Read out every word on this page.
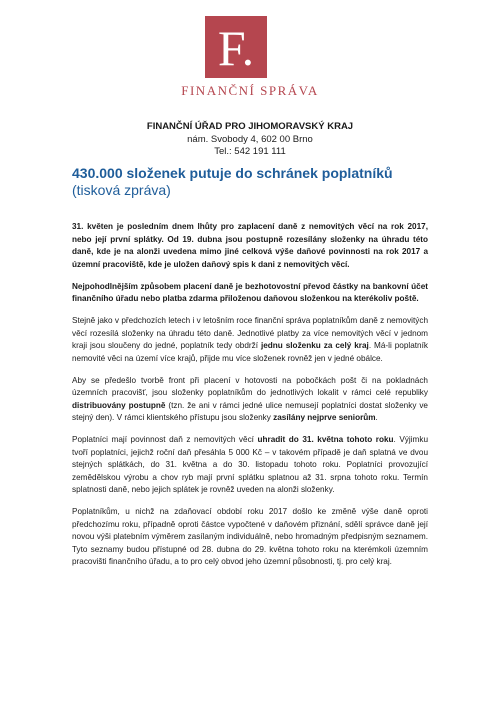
F.
FINANČNÍ SPRÁVA
FINANČNÍ ÚŘAD PRO JIHOMORAVSKÝ KRAJ
nám. Svobody 4, 602 00 Brno
Tel.: 542 191 111
430.000 složenek putuje do schránek poplatníků
(tisková zpráva)

31. květen je posledním dnem lhůty pro zaplacení daně z nemovitých věcí na rok 2017, nebo její první splátky. Od 19. dubna jsou postupně rozesílány složenky na úhradu této daně, kde je na alonži uvedena mimo jiné celková výše daňové povinnosti na rok 2017 a územní pracoviště, kde je uložen daňový spis k dani z nemovitých věcí.

Nejpohodlnějším způsobem placení daně je bezhotovostní převod částky na bankovní účet finančního úřadu nebo platba zdarma přiloženou daňovou složenkou na kterékoliv poště.

Stejně jako v předchozích letech i v letošním roce finanční správa poplatníkům daně z nemovitých věcí rozesílá složenky na úhradu této daně. Jednotlivé platby za více nemovitých věcí v jednom kraji jsou sloučeny do jedné, poplatník tedy obdrží jednu složenku za celý kraj. Má-li poplatník nemovité věci na území více krajů, přijde mu více složenek rovněž jen v jedné obálce.

Aby se předešlo tvorbě front při placení v hotovosti na pobočkách pošt či na pokladnách územních pracovišť, jsou složenky poplatníkům do jednotlivých lokalit v rámci celé republiky distribuovány postupně (tzn. že ani v rámci jedné ulice nemusejí poplatníci dostat složenky ve stejný den). V rámci klientského přístupu jsou složenky zasílány nejprve seniorům.

Poplatníci mají povinnost daň z nemovitých věcí uhradit do 31. května tohoto roku. Výjimku tvoří poplatníci, jejichž roční daň přesáhla 5 000 Kč – v takovém případě je daň splatná ve dvou stejných splátkách, do 31. května a do 30. listopadu tohoto roku. Poplatníci provozující zemědělskou výrobu a chov ryb mají první splátku splatnou až 31. srpna tohoto roku. Termín splatnosti daně, nebo jejich splátek je rovněž uveden na alonži složenky.

Poplatníkům, u nichž na zdaňovací období roku 2017 došlo ke změně výše daně oproti předchozímu roku, případně oproti částce vypočtené v daňovém přiznání, sdělí správce daně její novou výši platebním výměrem zasílaným individuálně, nebo hromadným předpisným seznamem. Tyto seznamy budou přístupné od 28. dubna do 29. května tohoto roku na kterémkoli územním pracovišti finančního úřadu, a to pro celý obvod jeho územní působnosti, tj. pro celý kraj.
